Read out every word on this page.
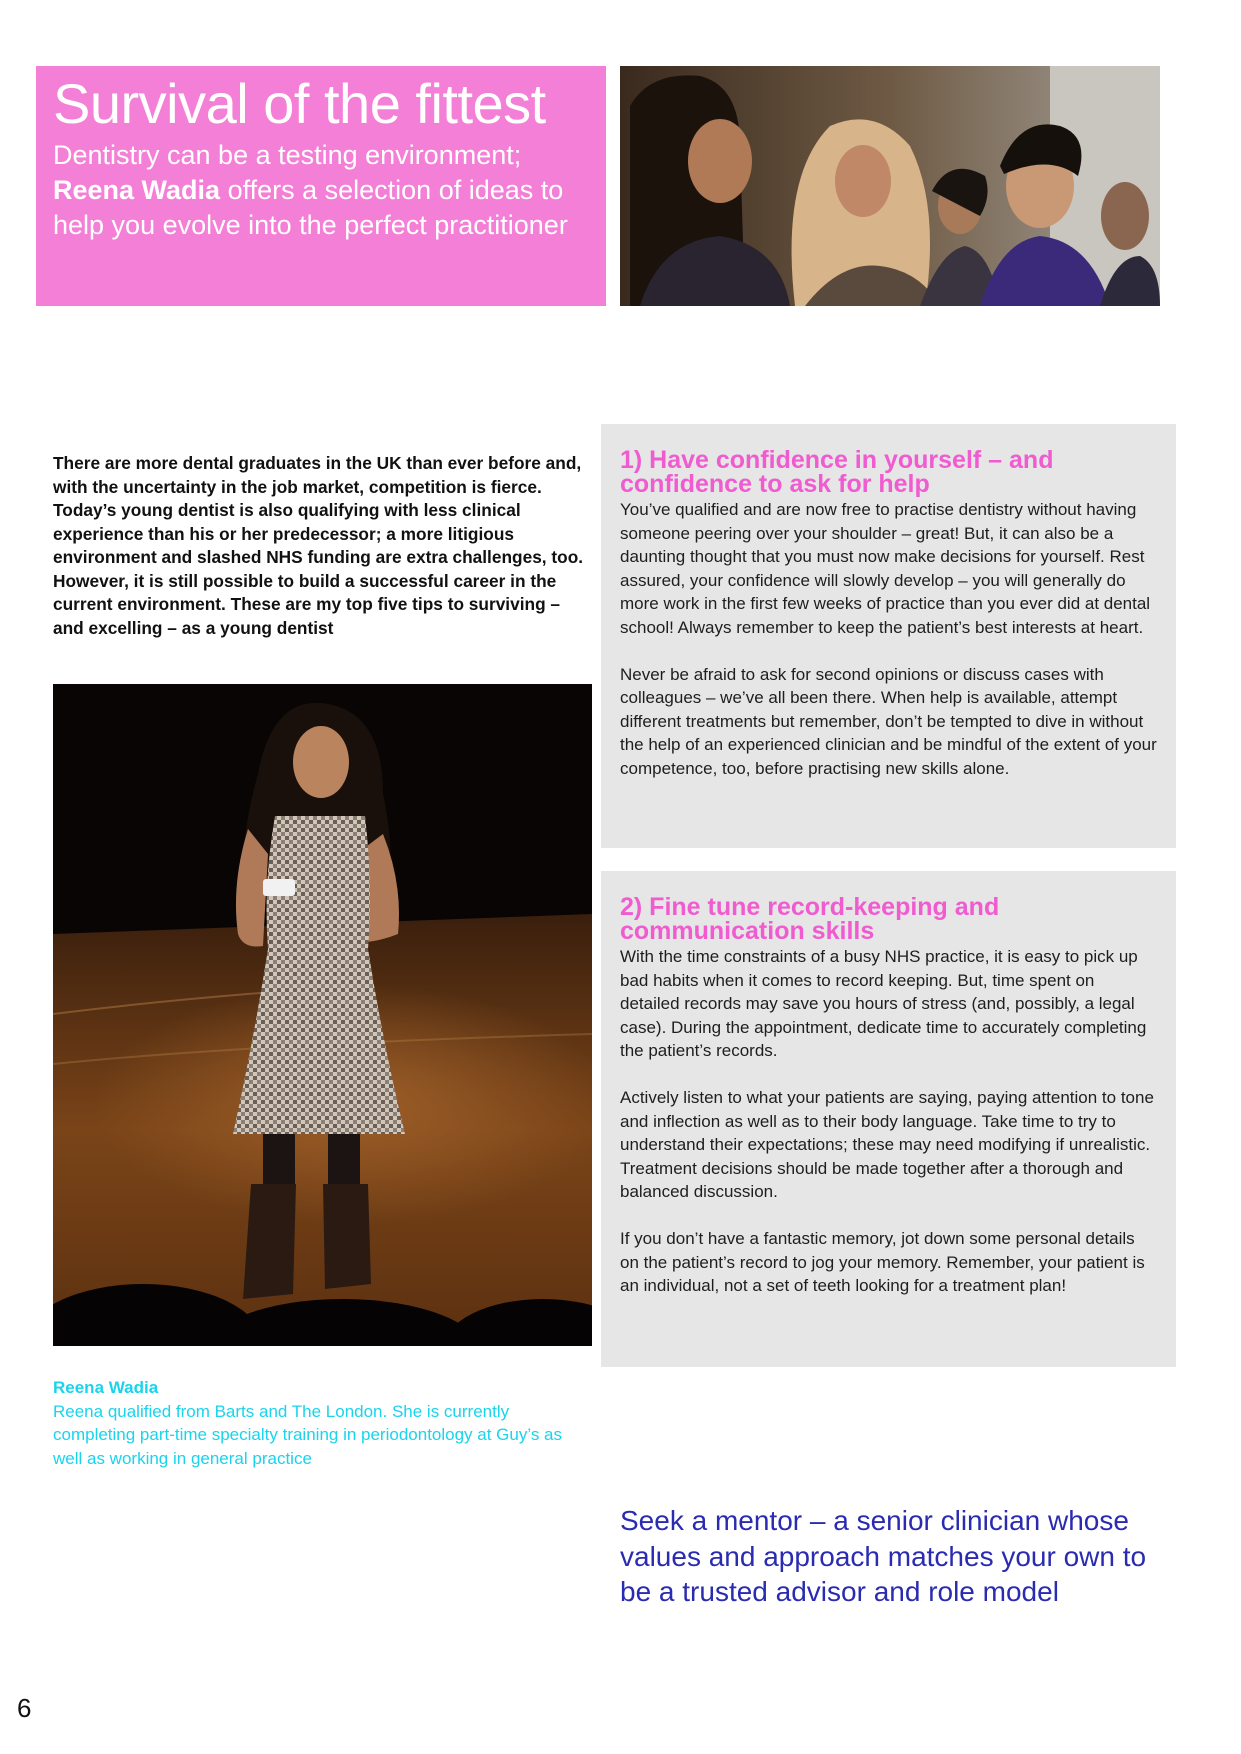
Survival of the fittest

Dentistry can be a testing environment;
Reena Wadia offers a selection of ideas to help you evolve into the perfect practitioner

There are more dental graduates in the UK than ever before and, with the uncertainty in the job market, competition is fierce. Today’s young dentist is also qualifying with less clinical experience than his or her predecessor; a more litigious environment and slashed NHS funding are extra challenges, too. However, it is still possible to build a successful career in the current environment. These are my top five tips to surviving – and excelling – as a young dentist

Reena Wadia
Reena qualified from Barts and The London. She is currently completing part-time specialty training in periodontology at Guy’s as well as working in general practice
1) Have confidence in yourself – and confidence to ask for help

You’ve qualified and are now free to practise dentistry without having someone peering over your shoulder – great! But, it can also be a daunting thought that you must now make decisions for yourself. Rest assured, your confidence will slowly develop – you will generally do more work in the first few weeks of practice than you ever did at dental school! Always remember to keep the patient’s best interests at heart.

Never be afraid to ask for second opinions or discuss cases with colleagues – we’ve all been there. When help is available, attempt different treatments but remember, don’t be tempted to dive in without the help of an experienced clinician and be mindful of the extent of your competence, too, before practising new skills alone.

2) Fine tune record-keeping and communication skills

With the time constraints of a busy NHS practice, it is easy to pick up bad habits when it comes to record keeping. But, time spent on detailed records may save you hours of stress (and, possibly, a legal case). During the appointment, dedicate time to accurately completing the patient’s records.

Actively listen to what your patients are saying, paying attention to tone and inflection as well as to their body language. Take time to try to understand their expectations; these may need modifying if unrealistic. Treatment decisions should be made together after a thorough and balanced discussion.

If you don’t have a fantastic memory, jot down some personal details on the patient’s record to jog your memory. Remember, your patient is an individual, not a set of teeth looking for a treatment plan!

Seek a mentor – a senior clinician whose values and approach matches your own to be a trusted advisor and role model

6
